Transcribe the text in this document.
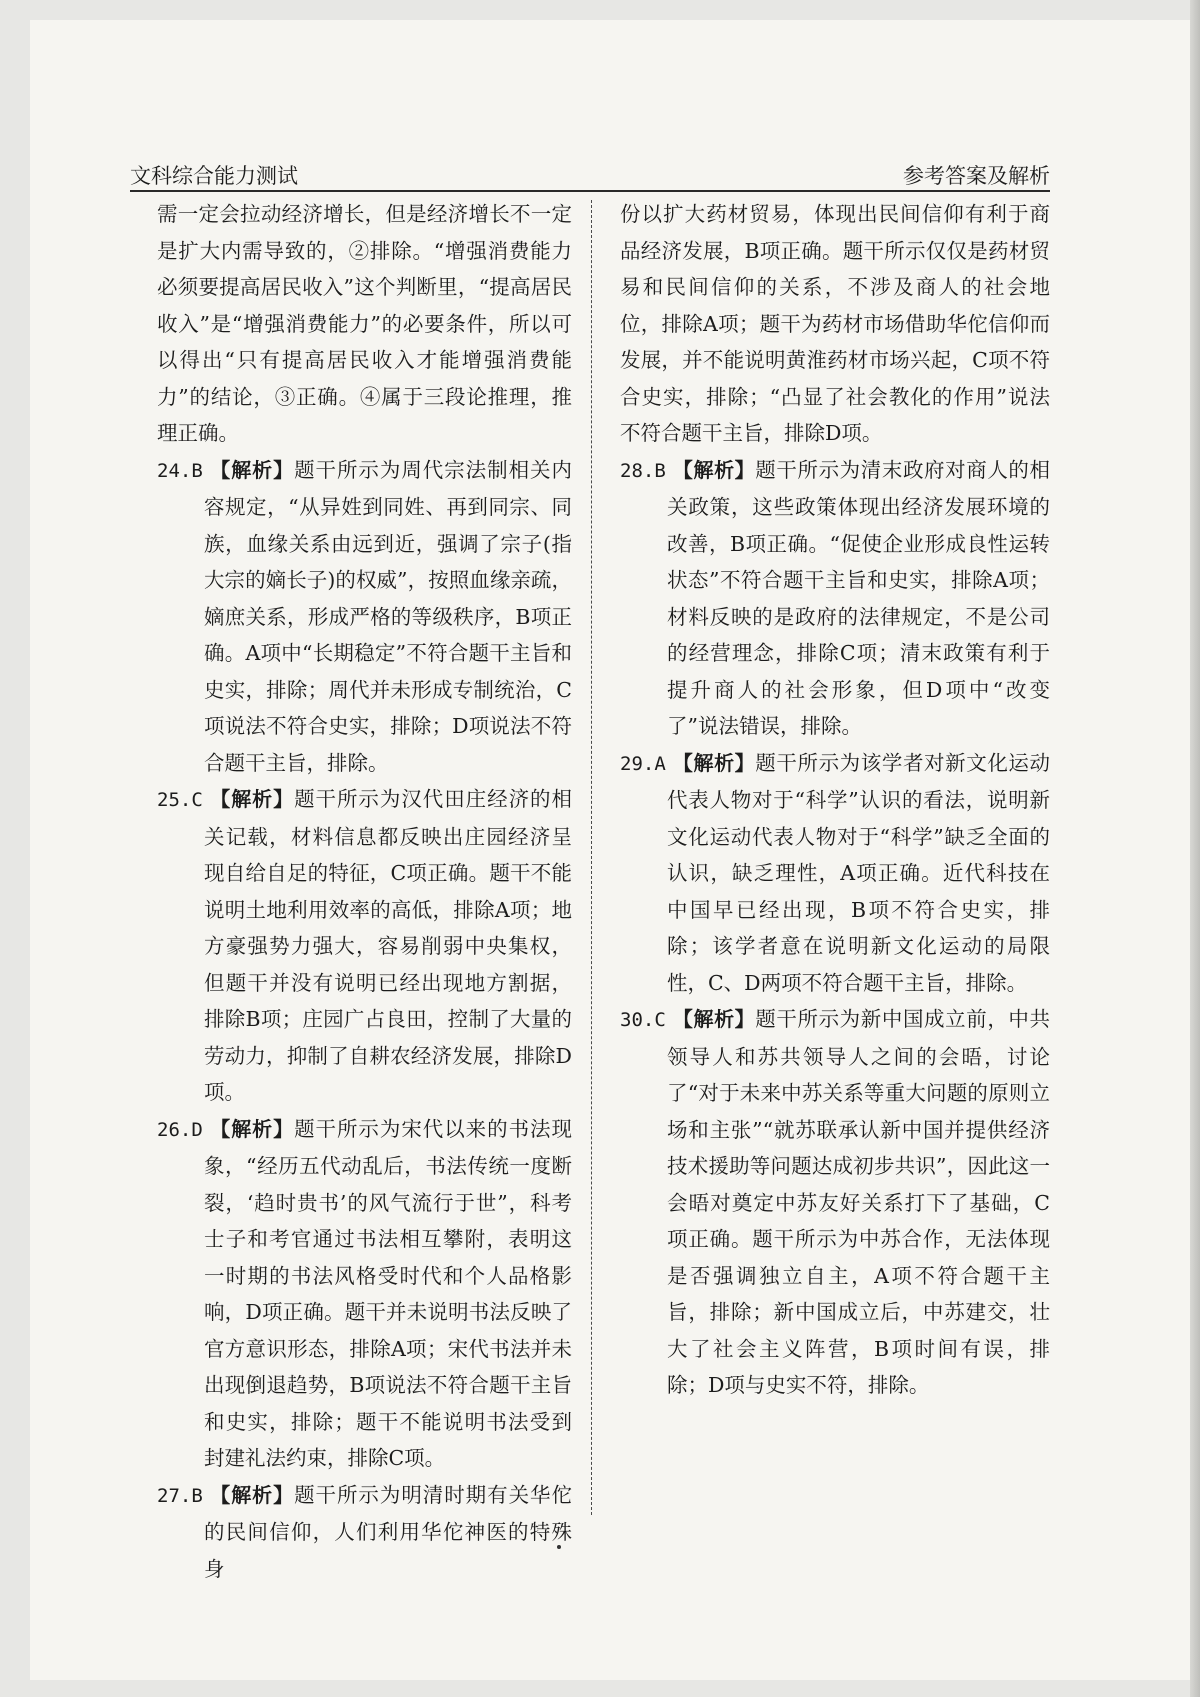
文科综合能力测试	参考答案及解析

需一定会拉动经济增长，但是经济增长不一定是扩大内需导致的，②排除。“增强消费能力必须要提高居民收入”这个判断里，“提高居民收入”是“增强消费能力”的必要条件，所以可以得出“只有提高居民收入才能增强消费能力”的结论，③正确。④属于三段论推理，推理正确。

24.B 【解析】题干所示为周代宗法制相关内容规定，“从异姓到同姓、再到同宗、同族，血缘关系由远到近，强调了宗子(指大宗的嫡长子)的权威”，按照血缘亲疏，嫡庶关系，形成严格的等级秩序，B项正确。A项中“长期稳定”不符合题干主旨和史实，排除；周代并未形成专制统治，C项说法不符合史实，排除；D项说法不符合题干主旨，排除。

25.C 【解析】题干所示为汉代田庄经济的相关记载，材料信息都反映出庄园经济呈现自给自足的特征，C项正确。题干不能说明土地利用效率的高低，排除A项；地方豪强势力强大，容易削弱中央集权，但题干并没有说明已经出现地方割据，排除B项；庄园广占良田，控制了大量的劳动力，抑制了自耕农经济发展，排除D项。

26.D 【解析】题干所示为宋代以来的书法现象，“经历五代动乱后，书法传统一度断裂，‘趋时贵书’的风气流行于世”，科考士子和考官通过书法相互攀附，表明这一时期的书法风格受时代和个人品格影响，D项正确。题干并未说明书法反映了官方意识形态，排除A项；宋代书法并未出现倒退趋势，B项说法不符合题干主旨和史实，排除；题干不能说明书法受到封建礼法约束，排除C项。

27.B 【解析】题干所示为明清时期有关华佗的民间信仰，人们利用华佗神医的特殊身

份以扩大药材贸易，体现出民间信仰有利于商品经济发展，B项正确。题干所示仅仅是药材贸易和民间信仰的关系，不涉及商人的社会地位，排除A项；题干为药材市场借助华佗信仰而发展，并不能说明黄淮药材市场兴起，C项不符合史实，排除；“凸显了社会教化的作用”说法不符合题干主旨，排除D项。

28.B 【解析】题干所示为清末政府对商人的相关政策，这些政策体现出经济发展环境的改善，B项正确。“促使企业形成良性运转状态”不符合题干主旨和史实，排除A项；材料反映的是政府的法律规定，不是公司的经营理念，排除C项；清末政策有利于提升商人的社会形象，但D项中“改变了”说法错误，排除。

29.A 【解析】题干所示为该学者对新文化运动代表人物对于“科学”认识的看法，说明新文化运动代表人物对于“科学”缺乏全面的认识，缺乏理性，A项正确。近代科技在中国早已经出现，B项不符合史实，排除；该学者意在说明新文化运动的局限性，C、D两项不符合题干主旨，排除。

30.C 【解析】题干所示为新中国成立前，中共领导人和苏共领导人之间的会晤，讨论了“对于未来中苏关系等重大问题的原则立场和主张”“就苏联承认新中国并提供经济技术援助等问题达成初步共识”，因此这一会晤对奠定中苏友好关系打下了基础，C项正确。题干所示为中苏合作，无法体现是否强调独立自主，A项不符合题干主旨，排除；新中国成立后，中苏建交，壮大了社会主义阵营，B项时间有误，排除；D项与史实不符，排除。
